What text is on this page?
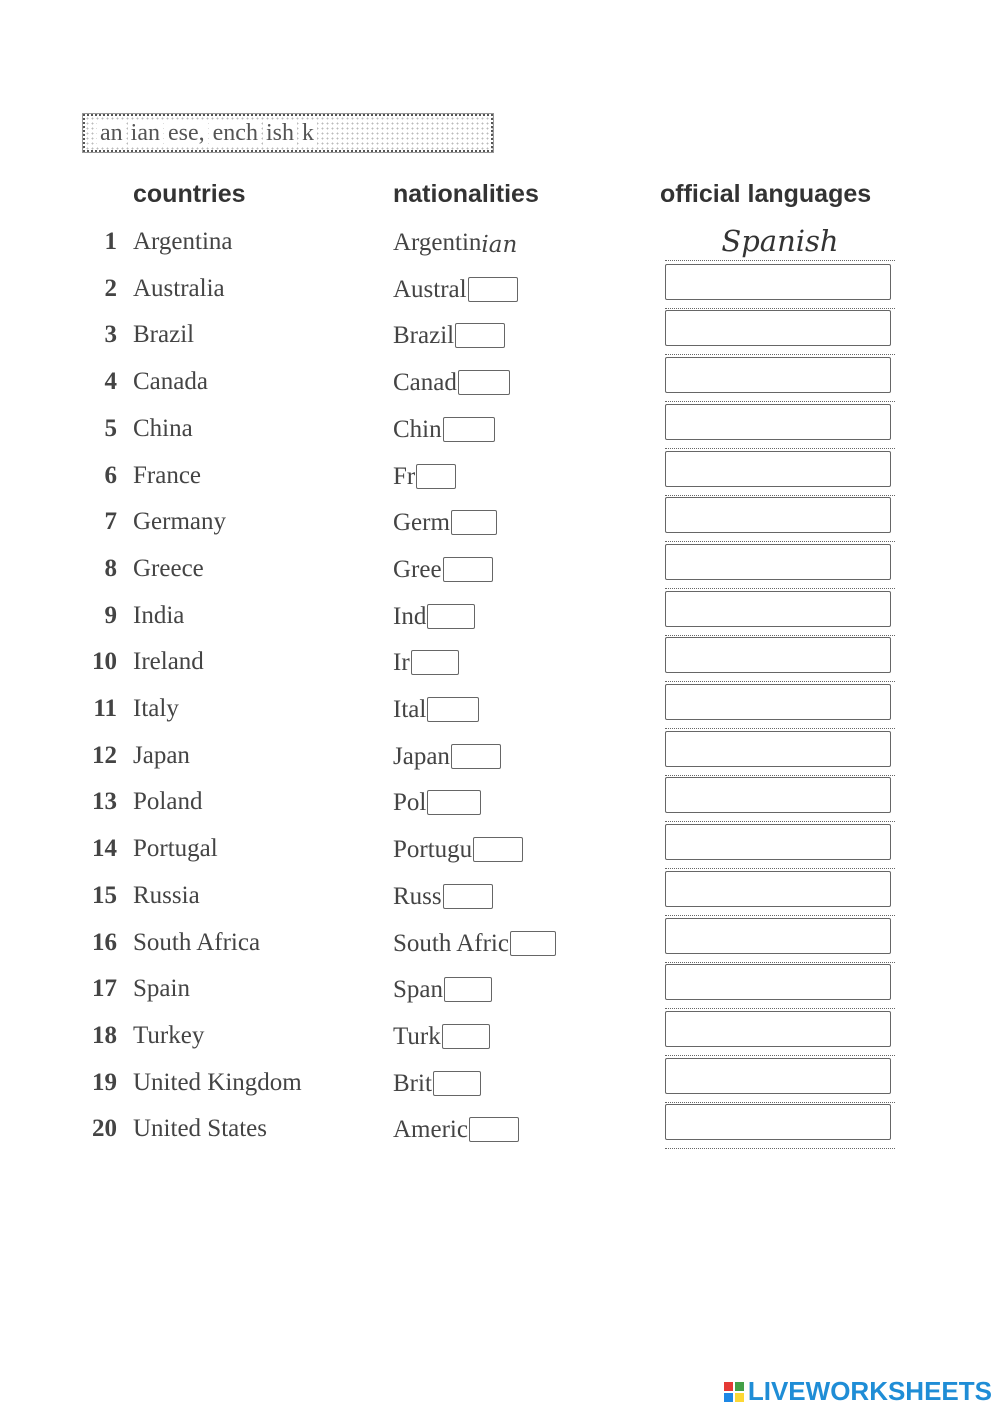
an ian ese, ench ish k
countries	nationalities	official languages
1 Argentina	Argentin ian	Spanish
2 Australia	Austral
3 Brazil	Brazil
4 Canada	Canad
5 China	Chin
6 France	Fr
7 Germany	Germ
8 Greece	Gree
9 India	Ind
10 Ireland	Ir
11 Italy	Ital
12 Japan	Japan
13 Poland	Pol
14 Portugal	Portugu
15 Russia	Russ
16 South Africa	South Afric
17 Spain	Span
18 Turkey	Turk
19 United Kingdom	Brit
20 United States	Americ
LIVEWORKSHEETS
